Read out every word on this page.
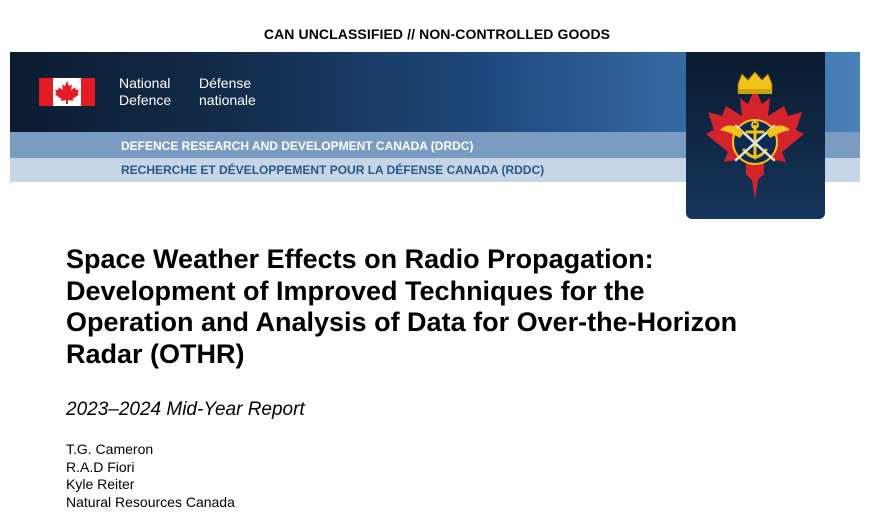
CAN UNCLASSIFIED // NON-CONTROLLED GOODS
National
Defence
Défense
nationale
DEFENCE RESEARCH AND DEVELOPMENT CANADA (DRDC)
RECHERCHE ET DÉVELOPPEMENT POUR LA DÉFENSE CANADA (RDDC)
Space Weather Effects on Radio Propagation:
Development of Improved Techniques for the
Operation and Analysis of Data for Over-the-Horizon
Radar (OTHR)

2023–2024 Mid-Year Report

T.G. Cameron
R.A.D Fiori
Kyle Reiter
Natural Resources Canada
